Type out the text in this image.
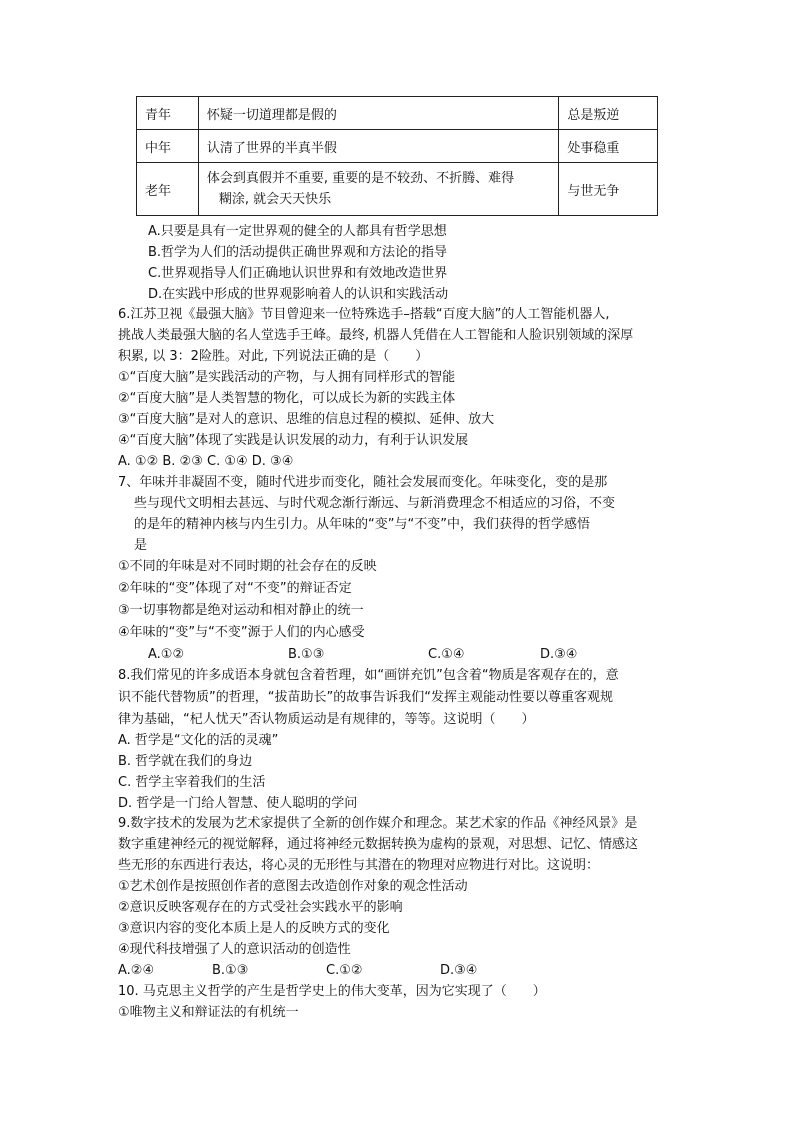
青年	怀疑一切道理都是假的	总是叛逆
中年	认清了世界的半真半假	处事稳重
老年	体会到真假并不重要, 重要的是不较劲、不折腾、难得
糊涂, 就会天天快乐	与世无争
A.只要是具有一定世界观的健全的人都具有哲学思想
B.哲学为人们的活动提供正确世界观和方法论的指导
C.世界观指导人们正确地认识世界和有效地改造世界
D.在实践中形成的世界观影响着人的认识和实践活动
6.江苏卫视《最强大脑》节目曾迎来一位特殊选手–搭载“百度大脑”的人工智能机器人,
挑战人类最强大脑的名人堂选手王峰。最终, 机器人凭借在人工智能和人脸识别领域的深厚
积累, 以 3：2险胜。对此, 下列说法正确的是（　　）
①“百度大脑”是实践活动的产物，与人拥有同样形式的智能
②“百度大脑”是人类智慧的物化，可以成长为新的实践主体
③“百度大脑”是对人的意识、思维的信息过程的模拟、延伸、放大
④“百度大脑”体现了实践是认识发展的动力，有利于认识发展
A. ①② B. ②③ C. ①④ D. ③④
7、年味并非凝固不变，随时代进步而变化，随社会发展而变化。年味变化，变的是那
些与现代文明相去甚远、与时代观念渐行渐远、与新消费理念不相适应的习俗，不变
的是年的精神内核与内生引力。从年味的“变”与“不变”中，我们获得的哲学感悟
是
①不同的年味是对不同时期的社会存在的反映
②年味的“变”体现了对“不变”的辩证否定
③一切事物都是绝对运动和相对静止的统一
④年味的“变”与“不变”源于人们的内心感受
A.①②	B.①③	C.①④	D.③④
8.我们常见的许多成语本身就包含着哲理，如“画饼充饥”包含着“物质是客观存在的，意
识不能代替物质”的哲理，“拔苗助长”的故事告诉我们“发挥主观能动性要以尊重客观规
律为基础，“杞人忧天”否认物质运动是有规律的，等等。这说明（　　）
A. 哲学是“文化的活的灵魂”
B. 哲学就在我们的身边
C. 哲学主宰着我们的生活
D. 哲学是一门给人智慧、使人聪明的学问
9.数字技术的发展为艺术家提供了全新的创作媒介和理念。某艺术家的作品《神经风景》是
数字重建神经元的视觉解释，通过将神经元数据转换为虚构的景观，对思想、记忆、情感这
些无形的东西进行表达，将心灵的无形性与其潜在的物理对应物进行对比。这说明：
①艺术创作是按照创作者的意图去改造创作对象的观念性活动
②意识反映客观存在的方式受社会实践水平的影响
③意识内容的变化本质上是人的反映方式的变化
④现代科技增强了人的意识活动的创造性
A.②④	B.①③	C.①②	D.③④
10. 马克思主义哲学的产生是哲学史上的伟大变革，因为它实现了（　　）
①唯物主义和辩证法的有机统一
